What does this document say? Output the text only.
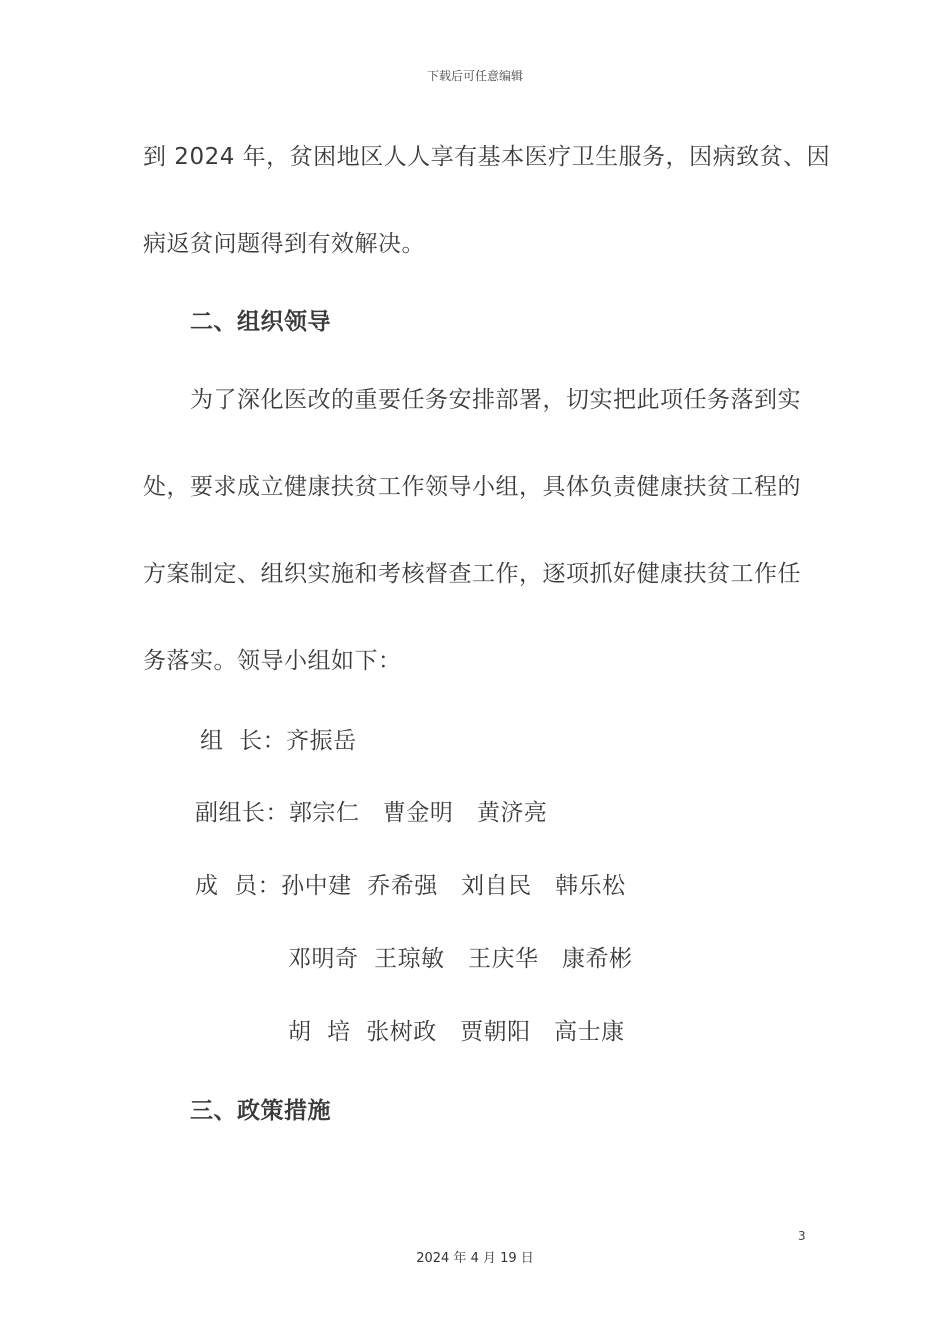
下载后可任意编辑
到 2024 年，贫困地区人人享有基本医疗卫生服务，因病致贫、因
病返贫问题得到有效解决。
二、组织领导
为了深化医改的重要任务安排部署，切实把此项任务落到实
处，要求成立健康扶贫工作领导小组，具体负责健康扶贫工程的
方案制定、组织实施和考核督查工作，逐项抓好健康扶贫工作任
务落实。领导小组如下：
组  长：齐振岳
副组长：郭宗仁   曹金明   黄济亮
成  员：孙中建  乔希强   刘自民   韩乐松
邓明奇  王琼敏   王庆华   康希彬
胡  培  张树政   贾朝阳   高士康
三、政策措施
3
2024 年 4 月 19 日
